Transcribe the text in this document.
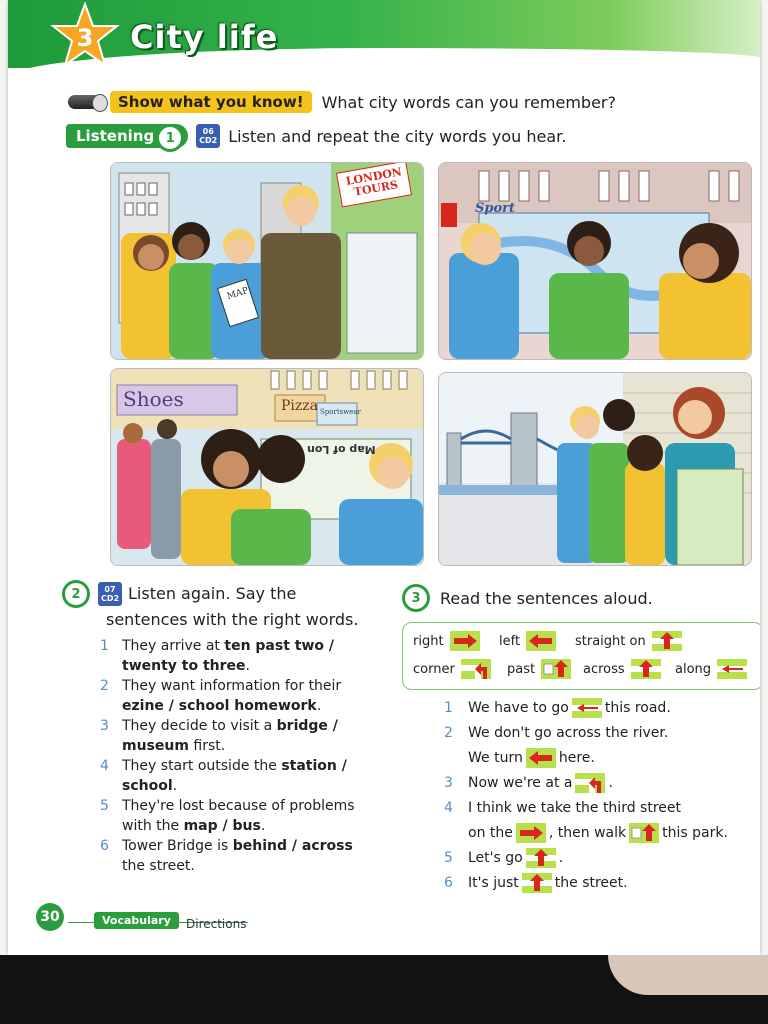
3 City life
Show what you know!	What city words can you remember?
Listening 1	06
CD2 Listen and repeat the city words you hear.
LONDON TOURS
MAP
Sport
Shoes	Pizza Sportswear
Map of Lon
2	07
CD2 Listen again. Say the
sentences with the right words.
1 They arrive at ten past two / twenty to three.
2 They want information for their ezine / school homework.
3 They decide to visit a bridge / museum first.
4 They start outside the station / school.
5 They're lost because of problems with the map / bus.
6 Tower Bridge is behind / across the street.
3	Read the sentences aloud.
right	left	straight on
corner	past	across	along
1 We have to go	this road.
2 We don't go across the river.
We turn	here.
3 Now we're at a	.
4 I think we take the third street
on the	, then walk	this park.
5 Let's go	.
6 It's just	the street.
30	Vocabulary	Directions
